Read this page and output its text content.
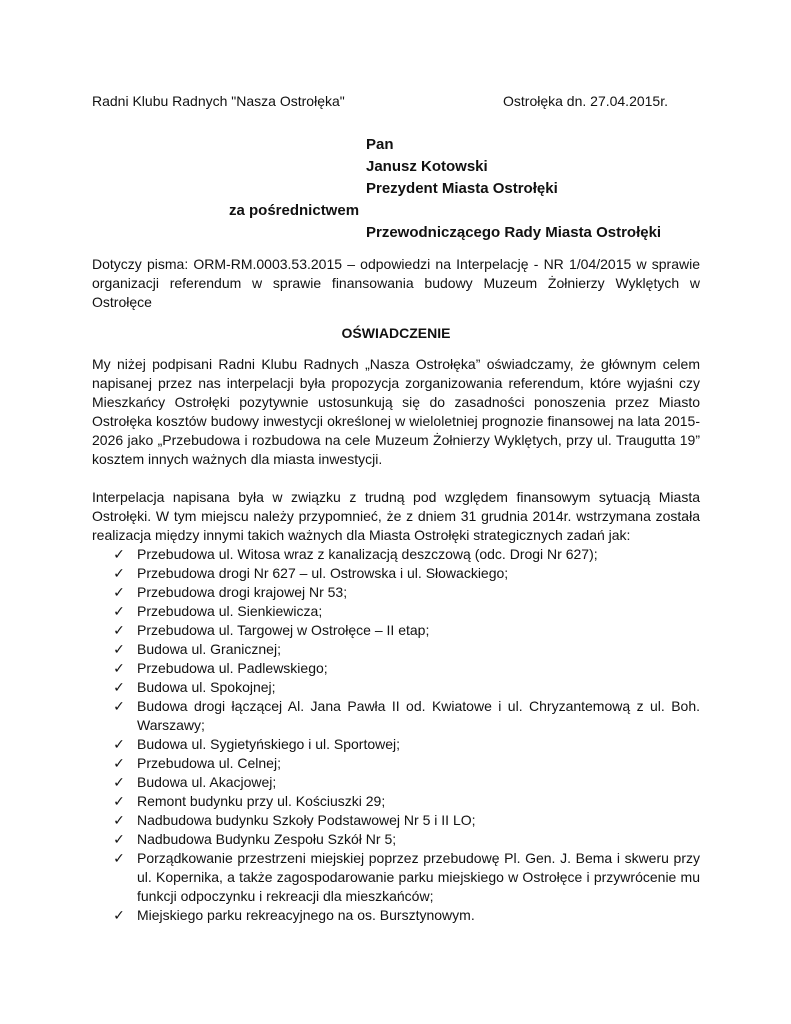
Radni Klubu Radnych "Nasza Ostrołęka"	Ostrołęka dn. 27.04.2015r.
Pan
Janusz Kotowski
Prezydent Miasta Ostrołęki
za pośrednictwem
Przewodniczącego Rady Miasta Ostrołęki
Dotyczy pisma: ORM-RM.0003.53.2015 – odpowiedzi na Interpelację - NR 1/04/2015 w sprawie organizacji referendum w sprawie finansowania budowy Muzeum Żołnierzy Wyklętych w Ostrołęce
OŚWIADCZENIE

My niżej podpisani Radni Klubu Radnych „Nasza Ostrołęka” oświadczamy, że głównym celem napisanej przez nas interpelacji była propozycja zorganizowania referendum, które wyjaśni czy Mieszkańcy Ostrołęki pozytywnie ustosunkują się do zasadności ponoszenia przez Miasto Ostrołęka kosztów budowy inwestycji określonej w wieloletniej prognozie finansowej na lata 2015-2026 jako „Przebudowa i rozbudowa na cele Muzeum Żołnierzy Wyklętych, przy ul. Traugutta 19” kosztem innych ważnych dla miasta inwestycji.

Interpelacja napisana była w związku z trudną pod względem finansowym sytuacją Miasta Ostrołęki. W tym miejscu należy przypomnieć, że z dniem 31 grudnia 2014r. wstrzymana została realizacja między innymi takich ważnych dla Miasta Ostrołęki strategicznych zadań jak:

✓ Przebudowa ul. Witosa wraz z kanalizacją deszczową (odc. Drogi Nr 627);
✓ Przebudowa drogi Nr 627 – ul. Ostrowska i ul. Słowackiego;
✓ Przebudowa drogi krajowej Nr 53;
✓ Przebudowa ul. Sienkiewicza;
✓ Przebudowa ul. Targowej w Ostrołęce – II etap;
✓ Budowa ul. Granicznej;
✓ Przebudowa ul. Padlewskiego;
✓ Budowa ul. Spokojnej;
✓ Budowa drogi łączącej Al. Jana Pawła II od. Kwiatowe i ul. Chryzantemową z ul. Boh. Warszawy;
✓ Budowa ul. Sygietyńskiego i ul. Sportowej;
✓ Przebudowa ul. Celnej;
✓ Budowa ul. Akacjowej;
✓ Remont budynku przy ul. Kościuszki 29;
✓ Nadbudowa budynku Szkoły Podstawowej Nr 5 i II LO;
✓ Nadbudowa Budynku Zespołu Szkół Nr 5;
✓ Porządkowanie przestrzeni miejskiej poprzez przebudowę Pl. Gen. J. Bema i skweru przy ul. Kopernika, a także zagospodarowanie parku miejskiego w Ostrołęce i przywrócenie mu funkcji odpoczynku i rekreacji dla mieszkańców;
✓ Miejskiego parku rekreacyjnego na os. Bursztynowym.
